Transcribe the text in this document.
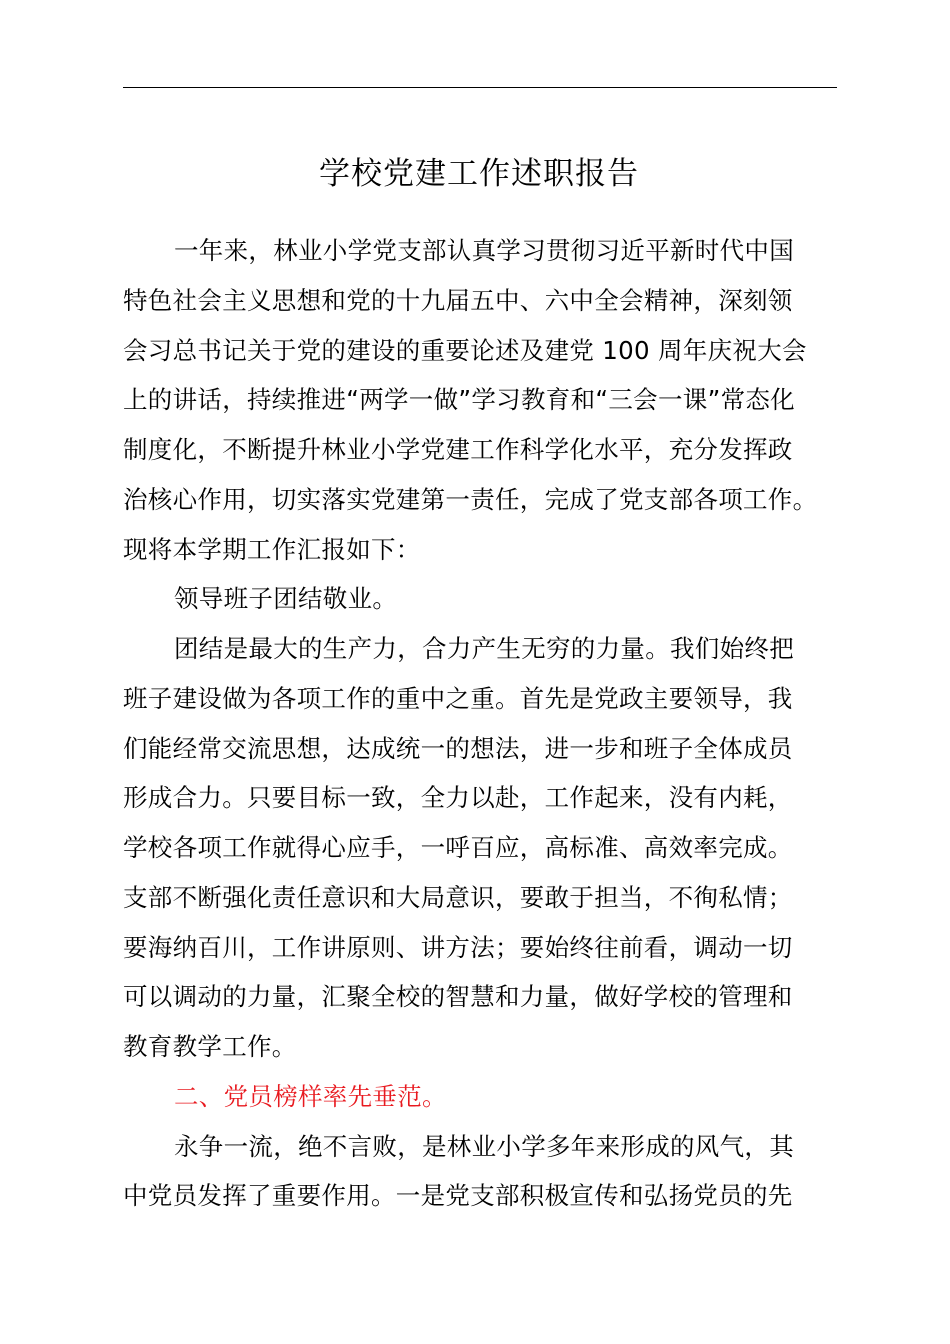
学校党建工作述职报告
一年来，林业小学党支部认真学习贯彻习近平新时代中国
特色社会主义思想和党的十九届五中、六中全会精神，深刻领
会习总书记关于党的建设的重要论述及建党 100 周年庆祝大会
上的讲话，持续推进“两学一做”学习教育和“三会一课”常态化
制度化，不断提升林业小学党建工作科学化水平，充分发挥政
治核心作用，切实落实党建第一责任，完成了党支部各项工作。
现将本学期工作汇报如下：
领导班子团结敬业。
团结是最大的生产力，合力产生无穷的力量。我们始终把
班子建设做为各项工作的重中之重。首先是党政主要领导，我
们能经常交流思想，达成统一的想法，进一步和班子全体成员
形成合力。只要目标一致，全力以赴，工作起来，没有内耗，
学校各项工作就得心应手，一呼百应，高标准、高效率完成。
支部不断强化责任意识和大局意识，要敢于担当，不徇私情；
要海纳百川，工作讲原则、讲方法；要始终往前看，调动一切
可以调动的力量，汇聚全校的智慧和力量，做好学校的管理和
教育教学工作。
二、党员榜样率先垂范。
永争一流，绝不言败，是林业小学多年来形成的风气，其
中党员发挥了重要作用。一是党支部积极宣传和弘扬党员的先
